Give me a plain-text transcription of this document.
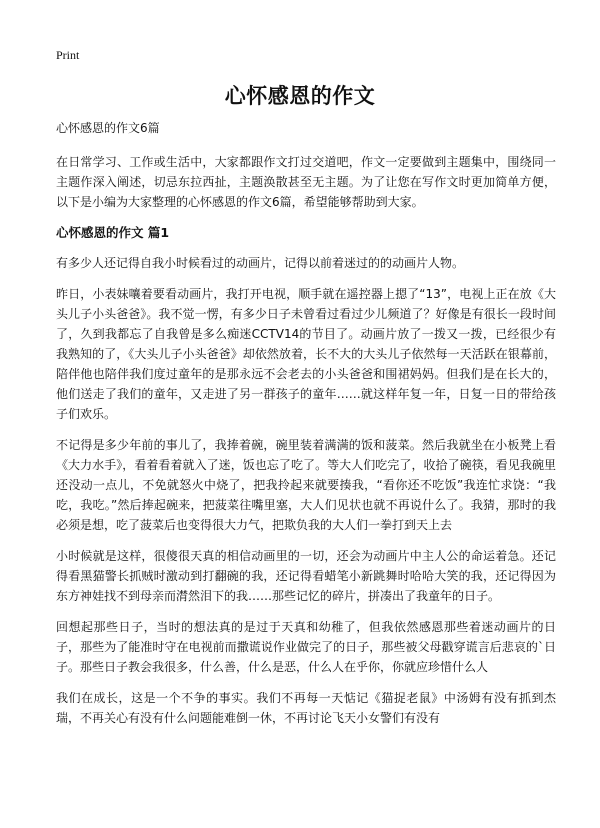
Print
心怀感恩的作文

心怀感恩的作文6篇

在日常学习、工作或生活中，大家都跟作文打过交道吧，作文一定要做到主题集中，围绕同一主题作深入阐述，切忌东拉西扯，主题涣散甚至无主题。为了让您在写作文时更加简单方便，以下是小编为大家整理的心怀感恩的作文6篇，希望能够帮助到大家。

心怀感恩的作文 篇1

有多少人还记得自我小时候看过的动画片，记得以前着迷过的的动画片人物。

昨日，小表妹嚷着要看动画片，我打开电视，顺手就在遥控器上摁了“13”，电视上正在放《大头儿子小头爸爸》。我不觉一愣，有多少日子未曾看过看过少儿频道了？好像是有很长一段时间了，久到我都忘了自我曾是多么痴迷CCTV14的节目了。动画片放了一拨又一拨，已经很少有我熟知的了，《大头儿子小头爸爸》却依然放着，长不大的大头儿子依然每一天活跃在银幕前，陪伴他也陪伴我们度过童年的是那永远不会老去的小头爸爸和围裙妈妈。但我们是在长大的，他们送走了我们的童年，又走进了另一群孩子的童年……就这样年复一年，日复一日的带给孩子们欢乐。

不记得是多少年前的事儿了，我捧着碗，碗里装着满满的饭和菠菜。然后我就坐在小板凳上看《大力水手》，看着看着就入了迷，饭也忘了吃了。等大人们吃完了，收拾了碗筷，看见我碗里还没动一点儿，不免就怒火中烧了，把我拎起来就要揍我，“看你还不吃饭”我连忙求饶：“我吃，我吃。”然后捧起碗来，把菠菜往嘴里塞，大人们见状也就不再说什么了。我猜，那时的我必须是想，吃了菠菜后也变得很大力气，把欺负我的大人们一拳打到天上去

小时候就是这样，很傻很天真的相信动画里的一切，还会为动画片中主人公的命运着急。还记得看黑猫警长抓贼时激动到打翻碗的我，还记得看蜡笔小新跳舞时哈哈大笑的我，还记得因为东方神娃找不到母亲而潸然泪下的我……那些记忆的碎片，拼凑出了我童年的日子。

回想起那些日子，当时的想法真的是过于天真和幼稚了，但我依然感恩那些着迷动画片的日子，那些为了能准时守在电视前而撒谎说作业做完了的日子，那些被父母戳穿谎言后悲哀的`日子。那些日子教会我很多，什么善，什么是恶，什么人在乎你，你就应珍惜什么人

我们在成长，这是一个不争的事实。我们不再每一天惦记《猫捉老鼠》中汤姆有没有抓到杰瑞，不再关心有没有什么问题能难倒一休，不再讨论飞天小女警们有没有
